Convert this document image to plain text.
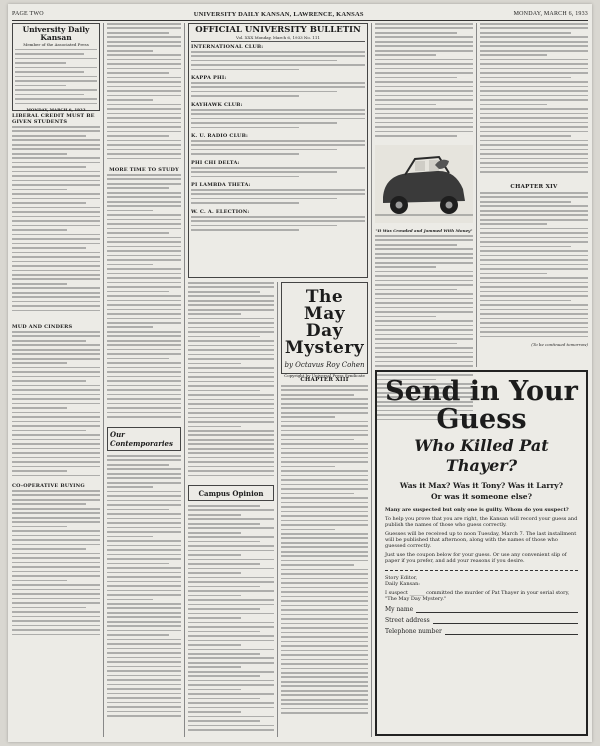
PAGE TWO	UNIVERSITY DAILY KANSAN, LAWRENCE, KANSAS	MONDAY, MARCH 6, 1933
University Daily Kansan
Member of the Associated Press
MONDAY, MARCH 6, 1933
LIBERAL CREDIT MUST BE GIVEN STUDENTS
MUD AND CINDERS
CO-OPERATIVE BUYING
MORE TIME TO STUDY
Our Contemporaries
OFFICIAL UNIVERSITY BULLETIN
Vol. XXX Monday, March 6, 1933 No. 111
INTERNATIONAL CLUB:
KAPPA PHI:
KAYHAWK CLUB:
K. U. RADIO CLUB:
PHI CHI DELTA:
PI LAMBDA THETA:
W. C. A. ELECTION:
Campus Opinion
The May Day
Mystery
by Octavus Roy Cohen
Copyright by Universal Press Syndicate
CHAPTER XIII
"It Was Crowded and Jammed With Money"
CHAPTER XIV
(To be continued tomorrow)
Send in Your
Guess
Who Killed Pat Thayer?
Was it Max? Was it Tony? Was it Larry?
Or was it someone else?
Many are suspected but only one is guilty. Whom do you suspect?
To help you prove that you are right, the Kansan will record your guess and publish the names of those who guess correctly.
Guesses will be received up to noon Tuesday, March 7. The last installment will be published that afternoon, along with the names of those who guessed correctly.
Just use the coupon below for your guess. Or use any convenient slip of paper if you prefer, and add your reasons if you desire.
Story Editor,
Daily Kansan:
I suspect ______ committed the murder of Pat Thayer in your serial story, "The May Day Mystery."
My name
Street address
Telephone number
